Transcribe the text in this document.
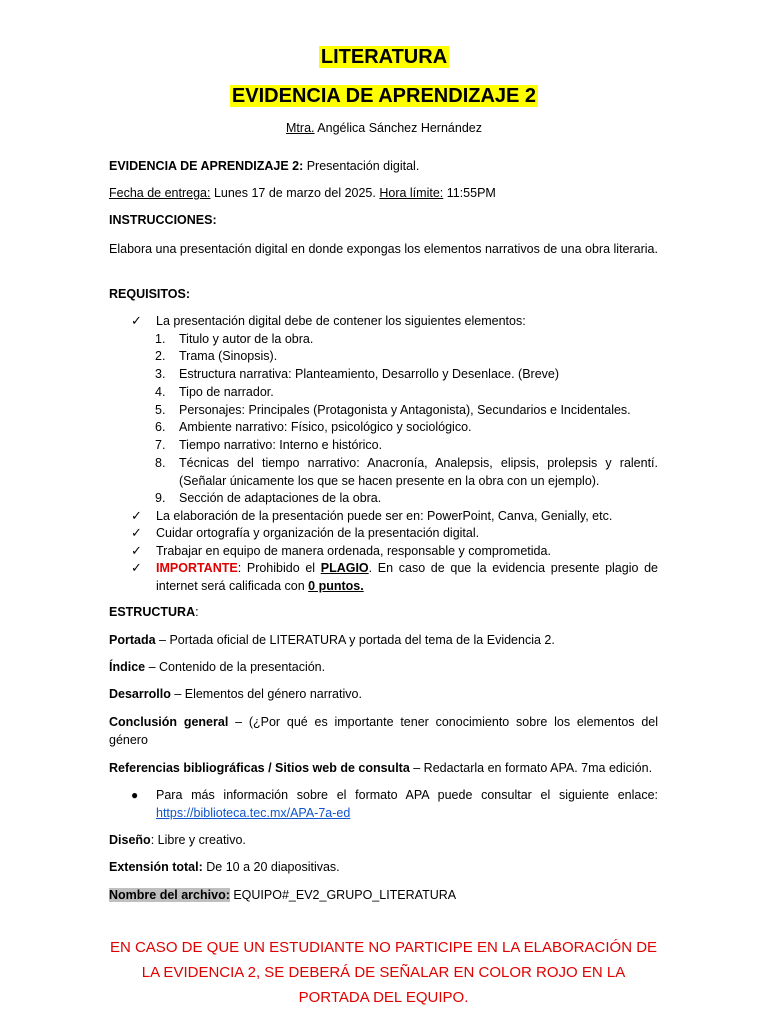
LITERATURA
EVIDENCIA DE APRENDIZAJE 2
Mtra. Angélica Sánchez Hernández
EVIDENCIA DE APRENDIZAJE 2: Presentación digital.
Fecha de entrega: Lunes 17 de marzo del 2025. Hora límite: 11:55PM
INSTRUCCIONES:
Elabora una presentación digital en donde expongas los elementos narrativos de una obra literaria.
REQUISITOS:
✓	La presentación digital debe de contener los siguientes elementos:
1.	Titulo y autor de la obra.
2.	Trama (Sinopsis).
3.	Estructura narrativa: Planteamiento, Desarrollo y Desenlace. (Breve)
4.	Tipo de narrador.
5.	Personajes: Principales (Protagonista y Antagonista), Secundarios e Incidentales.
6.	Ambiente narrativo: Físico, psicológico y sociológico.
7.	Tiempo narrativo: Interno e histórico.
8.	Técnicas del tiempo narrativo: Anacronía, Analepsis, elipsis, prolepsis y ralentí. (Señalar únicamente los que se hacen presente en la obra con un ejemplo).
9.	Sección de adaptaciones de la obra.
✓	La elaboración de la presentación puede ser en: PowerPoint, Canva, Genially, etc.
✓	Cuidar ortografía y organización de la presentación digital.
✓	Trabajar en equipo de manera ordenada, responsable y comprometida.
✓	IMPORTANTE: Prohibido el PLAGIO. En caso de que la evidencia presente plagio de internet será calificada con 0 puntos.
ESTRUCTURA:
Portada – Portada oficial de LITERATURA y portada del tema de la Evidencia 2.
Índice – Contenido de la presentación.
Desarrollo – Elementos del género narrativo.
Conclusión general – (¿Por qué es importante tener conocimiento sobre los elementos del género
Referencias bibliográficas / Sitios web de consulta – Redactarla en formato APA. 7ma edición.
●	Para más información sobre el formato APA puede consultar el siguiente enlace: https://biblioteca.tec.mx/APA-7a-ed
Diseño: Libre y creativo.
Extensión total: De 10 a 20 diapositivas.
Nombre del archivo: EQUIPO#_EV2_GRUPO_LITERATURA
EN CASO DE QUE UN ESTUDIANTE NO PARTICIPE EN LA ELABORACIÓN DE LA EVIDENCIA 2, SE DEBERÁ DE SEÑALAR EN COLOR ROJO EN LA PORTADA DEL EQUIPO.
